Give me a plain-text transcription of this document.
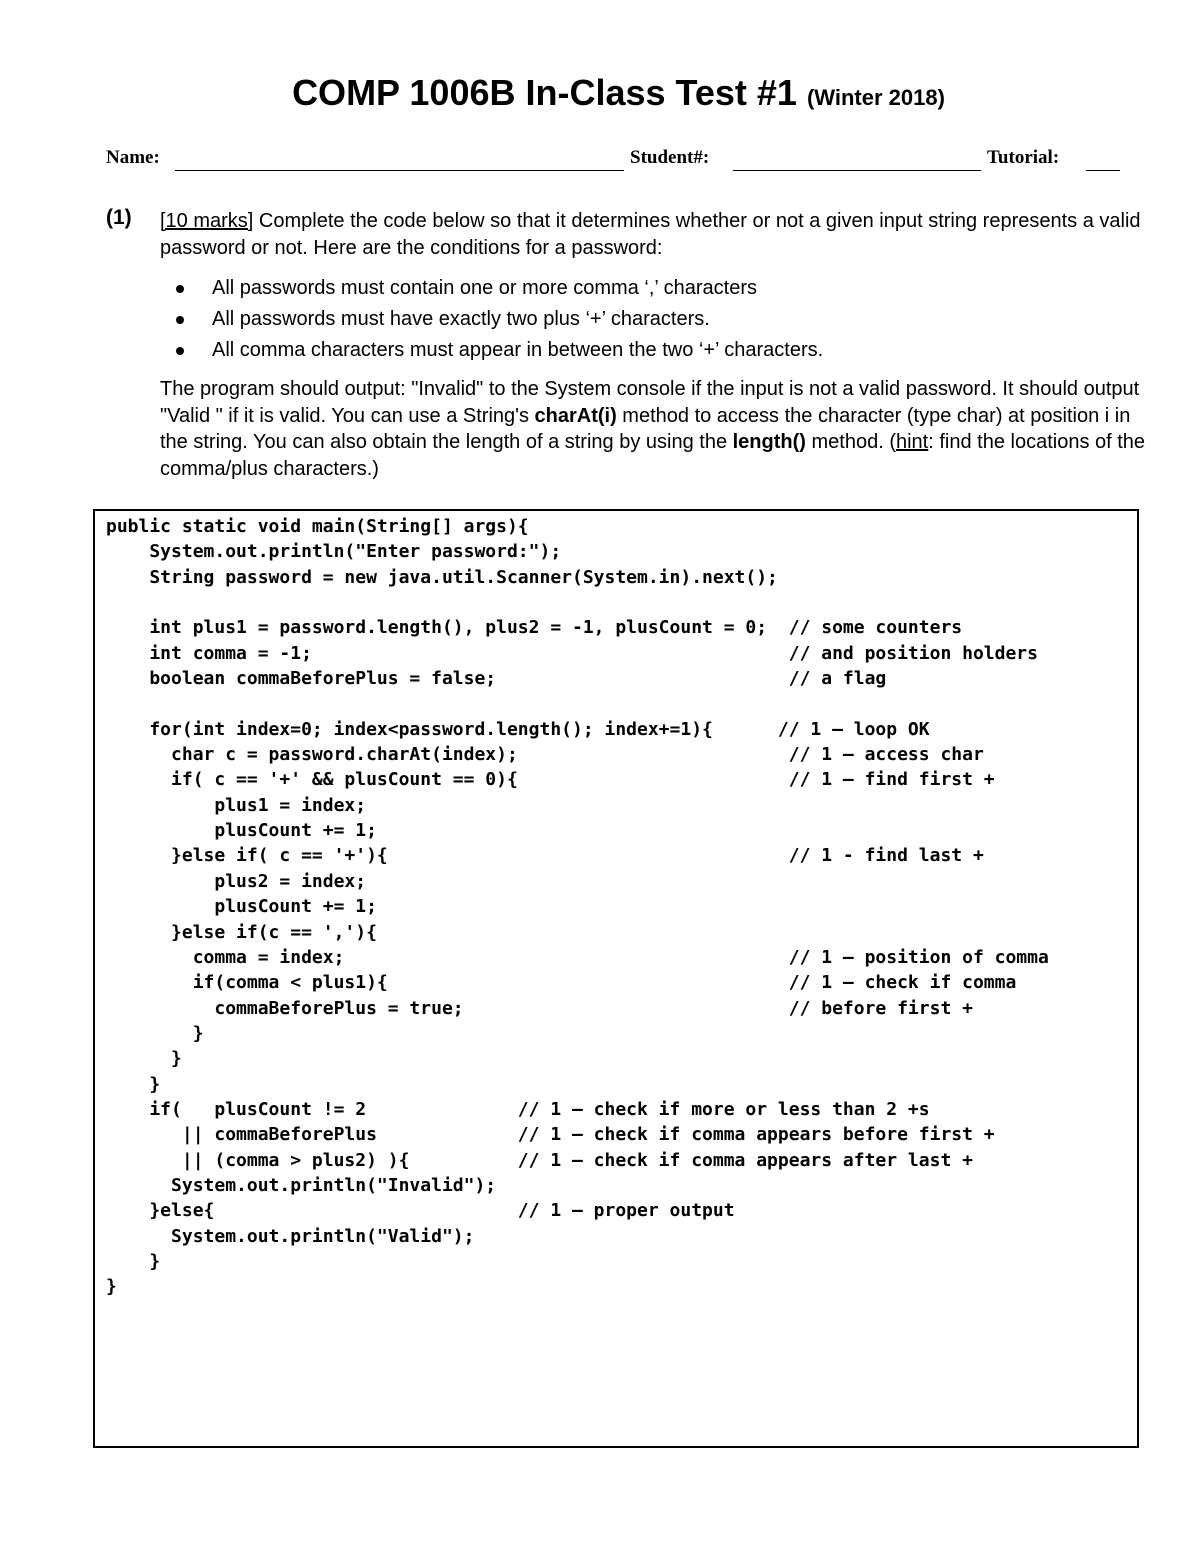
COMP 1006B In-Class Test #1 (Winter 2018)
Name:	Student#:	Tutorial:
(1) [10 marks] Complete the code below so that it determines whether or not a given input string represents a valid password or not. Here are the conditions for a password:
All passwords must contain one or more comma ‘,’ characters
All passwords must have exactly two plus ‘+’ characters.
All comma characters must appear in between the two ‘+’ characters.
The program should output: "Invalid" to the System console if the input is not a valid password. It should output "Valid " if it is valid. You can use a String's charAt(i) method to access the character (type char) at position i in the string. You can also obtain the length of a string by using the length() method. (hint: find the locations of the comma/plus characters.)
public static void main(String[] args){
System.out.println("Enter password:");
String password = new java.util.Scanner(System.in).next();

int plus1 = password.length(), plus2 = -1, plusCount = 0;  // some counters
int comma = -1;                                            // and position holders
boolean commaBeforePlus = false;                           // a flag

for(int index=0; index<password.length(); index+=1){      // 1 – loop OK
char c = password.charAt(index);                         // 1 – access char
if( c == '+' && plusCount == 0){                         // 1 – find first +
plus1 = index;
plusCount += 1;
}else if( c == '+'){                                     // 1 - find last +
plus2 = index;
plusCount += 1;
}else if(c == ','){
comma = index;                                         // 1 – position of comma
if(comma < plus1){                                     // 1 – check if comma
commaBeforePlus = true;                              // before first +
}
}
}
if(   plusCount != 2              // 1 – check if more or less than 2 +s
|| commaBeforePlus             // 1 – check if comma appears before first +
|| (comma > plus2) ){          // 1 – check if comma appears after last +
System.out.println("Invalid");
}else{                            // 1 – proper output
System.out.println("Valid");
}
}
